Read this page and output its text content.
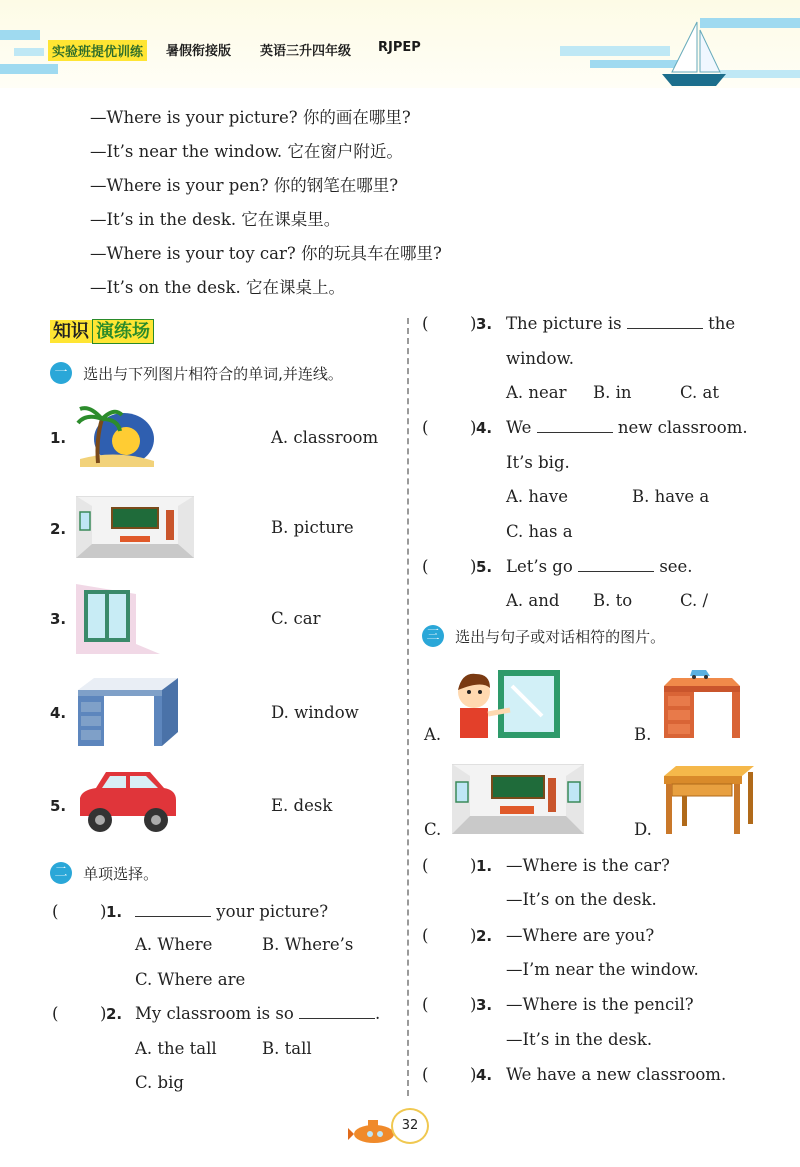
实验班提优训练	暑假衔接版 英语三升四年级 RJPEP
—Where is your picture? 你的画在哪里?
—It’s near the window. 它在窗户附近。
—Where is your pen? 你的钢笔在哪里?
—It’s in the desk. 它在课桌里。
—Where is your toy car? 你的玩具车在哪里?
—It’s on the desk. 它在课桌上。
知识 演练场
一 选出与下列图片相符合的单词,并连线。
1.	A. classroom
2.	B. picture
3.	C. car
4.	D. window
5.	E. desk
二 单项选择。
(	) 1.	your picture?
A. Where	B. Where’s
C. Where are
(	) 2. My classroom is so	.
A. the tall	B. tall
C. big
(	) 3. The picture is	the
window.
A. near B. in	C. at
(	) 4. We	new classroom.
It’s big.
A. have	B. have a
C. has a
(	) 5. Let’s go	see.
A. and B. to	C. /
三 选出与句子或对话相符的图片。
A.	B.
C.	D.
(	) 1. —Where is the car?
—It’s on the desk.
(	) 2. —Where are you?
—I’m near the window.
(	) 3. —Where is the pencil?
—It’s in the desk.
(	) 4. We have a new classroom.
32
